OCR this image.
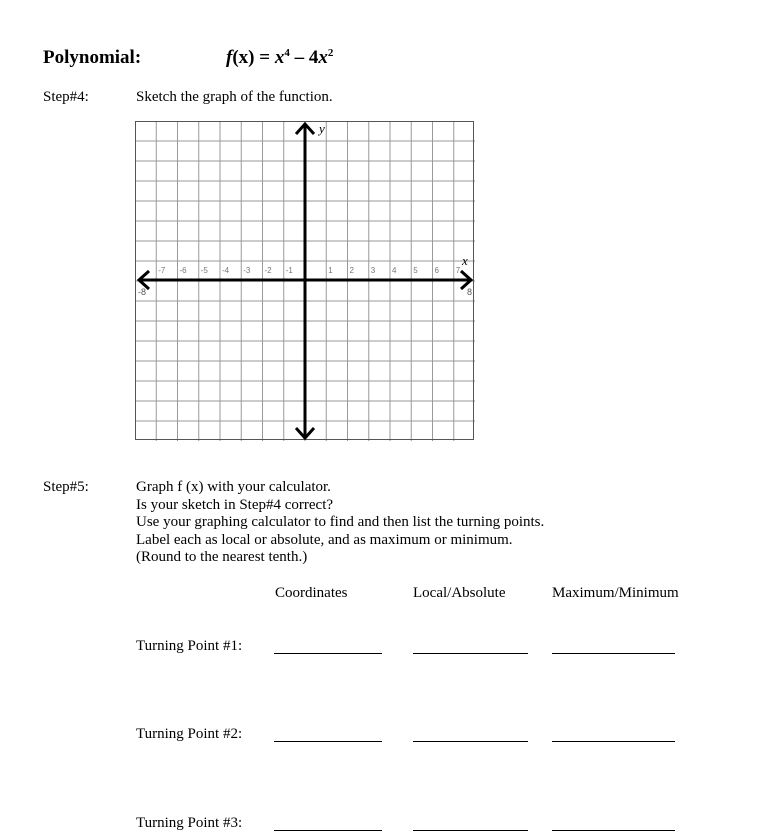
Polynomial:	$f(x) = x^4 - 4x^2$
Step#4:	Sketch the graph of the function.
-7 -6 -5 -4 -3 -2 -1	1 2 3 4 5 6 7
-8	8
x
y
Step#5:	Graph f (x) with your calculator.
Is your sketch in Step#4 correct?
Use your graphing calculator to find and then list the turning points.
Label each as local or absolute, and as maximum or minimum.
(Round to the nearest tenth.)
Coordinates	Local/Absolute	Maximum/Minimum
Turning Point #1:
Turning Point #2:
Turning Point #3:
